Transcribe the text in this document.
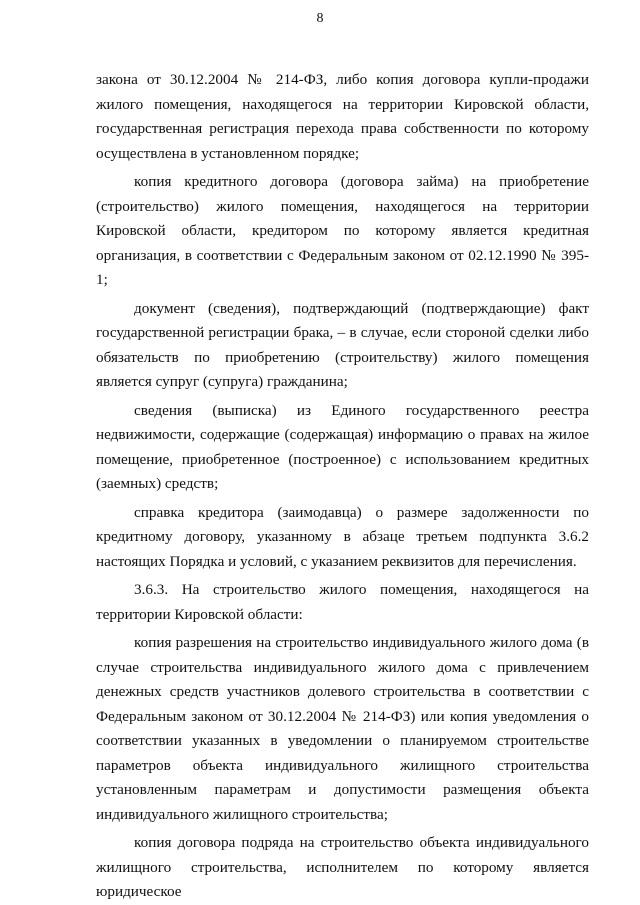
8

закона от 30.12.2004 № 214-ФЗ, либо копия договора купли-продажи жилого помещения, находящегося на территории Кировской области, государственная регистрация перехода права собственности по которому осуществлена в установленном порядке;

копия кредитного договора (договора займа) на приобретение (строительство) жилого помещения, находящегося на территории Кировской области, кредитором по которому является кредитная организация, в соответствии с Федеральным законом от 02.12.1990 № 395-1;

документ (сведения), подтверждающий (подтверждающие) факт государственной регистрации брака, – в случае, если стороной сделки либо обязательств по приобретению (строительству) жилого помещения является супруг (супруга) гражданина;

сведения (выписка) из Единого государственного реестра недвижимости, содержащие (содержащая) информацию о правах на жилое помещение, приобретенное (построенное) с использованием кредитных (заемных) средств;

справка кредитора (заимодавца) о размере задолженности по кредитному договору, указанному в абзаце третьем подпункта 3.6.2 настоящих Порядка и условий, с указанием реквизитов для перечисления.

3.6.3. На строительство жилого помещения, находящегося на территории Кировской области:

копия разрешения на строительство индивидуального жилого дома (в случае строительства индивидуального жилого дома с привлечением денежных средств участников долевого строительства в соответствии с Федеральным законом от 30.12.2004 № 214-ФЗ) или копия уведомления о соответствии указанных в уведомлении о планируемом строительстве параметров объекта индивидуального жилищного строительства установленным параметрам и допустимости размещения объекта индивидуального жилищного строительства;

копия договора подряда на строительство объекта индивидуального жилищного строительства, исполнителем по которому является юридическое
